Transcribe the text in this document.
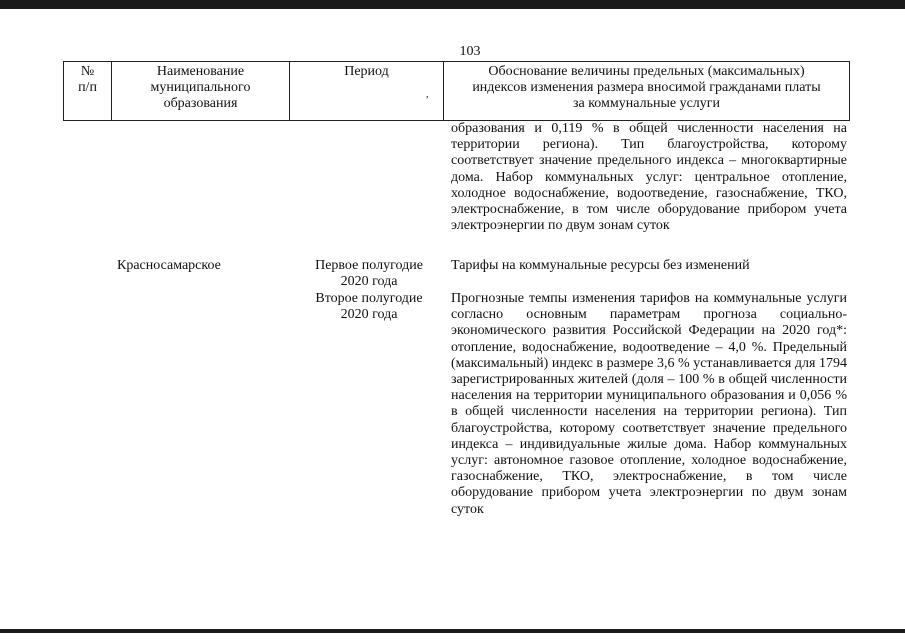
103
№
п/п
Наименование
муниципального
образования
Период
,
Обоснование величины предельных (максимальных)
индексов изменения размера вносимой гражданами платы
за коммунальные услуги
образования и 0,119 % в общей численности населения на территории региона). Тип благоустройства, которому соответствует значение предельного индекса – многоквартирные дома. Набор коммунальных услуг: центральное отопление, холодное водоснабжение, водоотведение, газоснабжение, ТКО, электроснабжение, в том числе оборудование прибором учета электроэнергии по двум зонам суток
Красносамарское	Первое полугодие
2020 года
Тарифы на коммунальные ресурсы без изменений
Второе полугодие
2020 года
Прогнозные темпы изменения тарифов на коммунальные услуги согласно основным параметрам прогноза социально-экономического развития Российской Федерации на 2020 год*: отопление, водоснабжение, водоотведение – 4,0 %. Предельный (максимальный) индекс в размере 3,6 % устанавливается для 1794 зарегистрированных жителей (доля – 100 % в общей численности населения на территории муниципального образования и 0,056 % в общей численности населения на территории региона). Тип благоустройства, которому соответствует значение предельного индекса – индивидуальные жилые дома. Набор коммунальных услуг: автономное газовое отопление, холодное водоснабжение, газоснабжение, ТКО, электроснабжение, в том числе оборудование прибором учета электроэнергии по двум зонам суток
